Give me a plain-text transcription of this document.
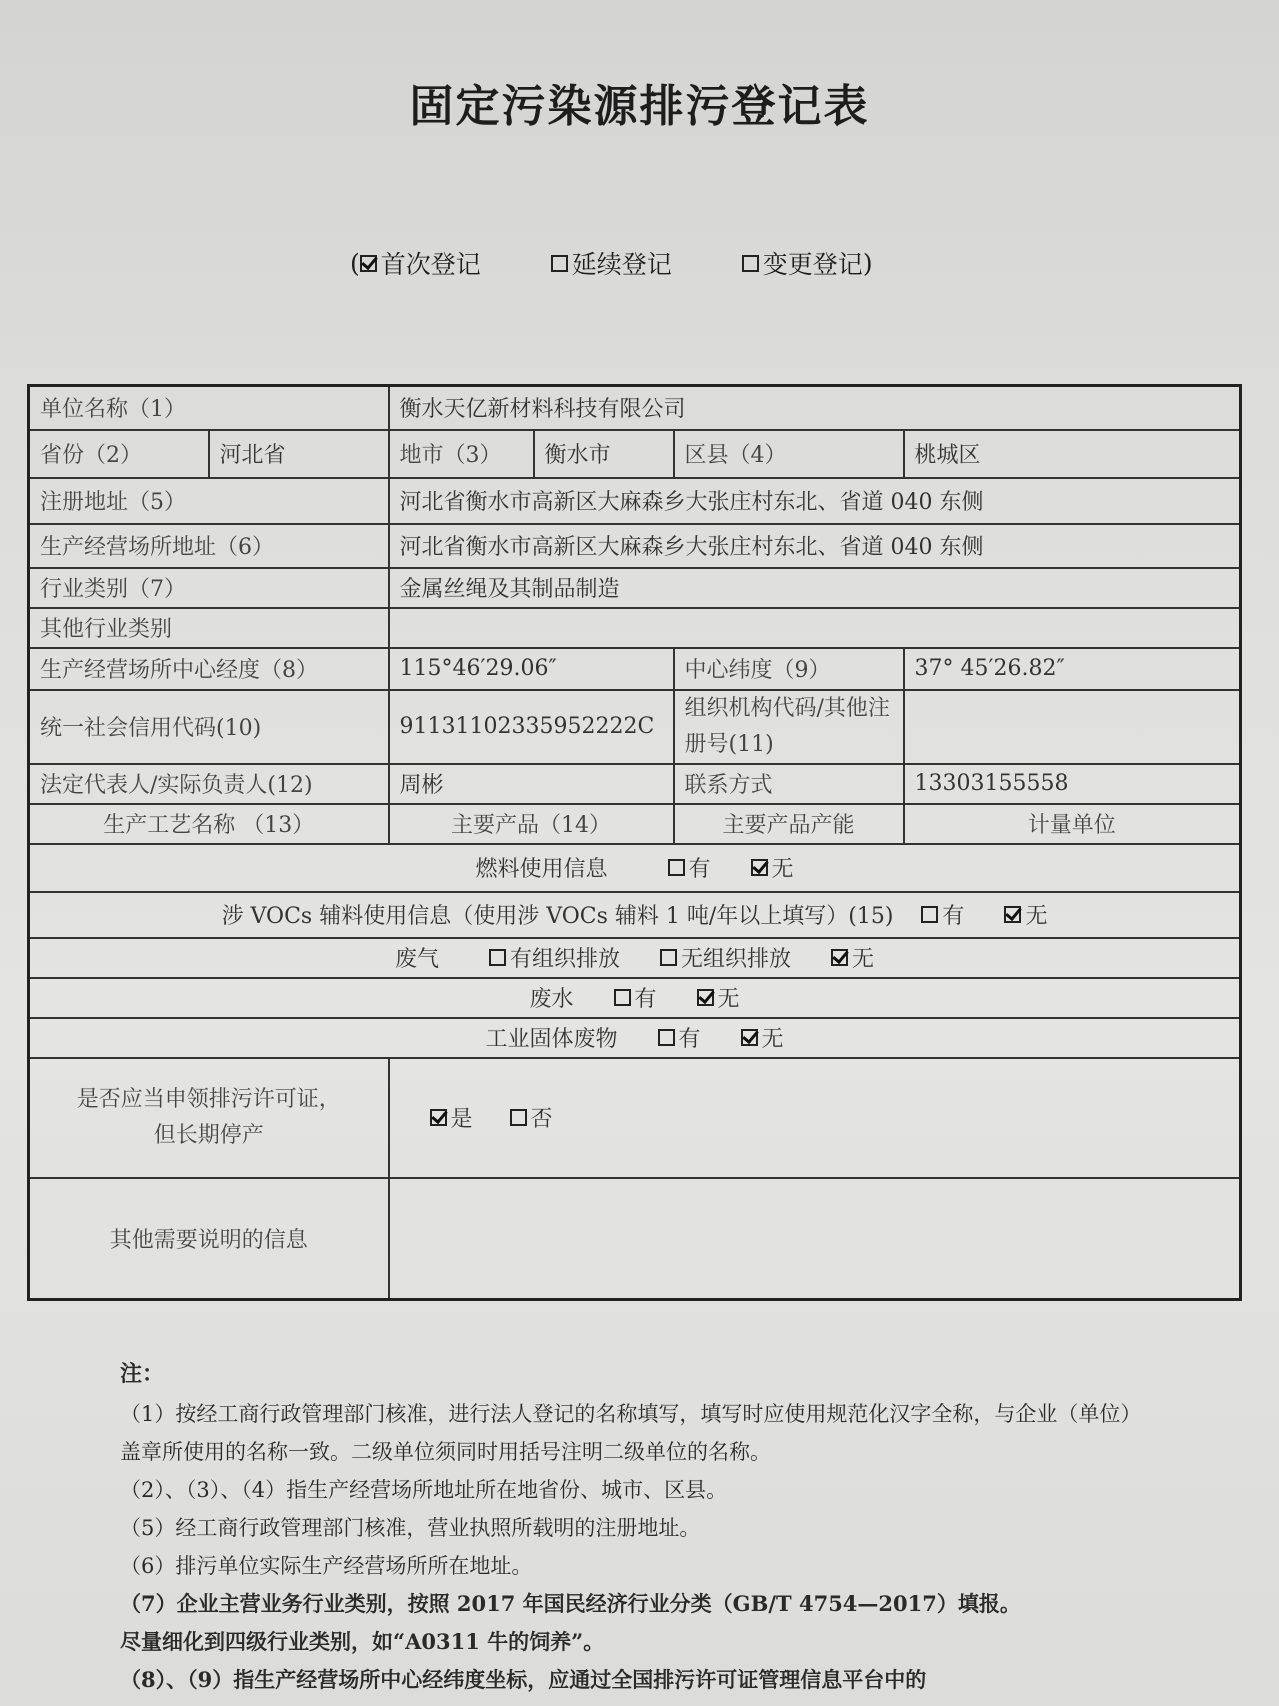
固定污染源排污登记表
( 首次登记	延续登记	变更登记 )
单位名称（1）		衡水天亿新材料科技有限公司			
省份（2）	河北省	地市（3）	衡水市	区县（4）	桃城区
注册地址（5）		河北省衡水市高新区大麻森乡大张庄村东北、省道 040 东侧			
生产经营场所地址（6）		河北省衡水市高新区大麻森乡大张庄村东北、省道 040 东侧			
行业类别（7）		金属丝绳及其制品制造			
其他行业类别					
生产经营场所中心经度（8）		115°46′29.06″		中心纬度（9）	37° 45′26.82″
统一社会信用代码(10)		91131102335952222C		组织机构代码/其他注册号(11)	
法定代表人/实际负责人(12)		周彬		联系方式	13303155558
生产工艺名称 （13）		主要产品（14）		主要产品产能	计量单位

燃料使用信息 有 无					

涉 VOCs 辅料使用信息（使用涉 VOCs 辅料 1 吨/年以上填写）(15) 有 无					

废气 有组织排放 无组织排放 无					

废水 有 无					

工业固体废物 有 无					

是否应当申领排污许可证，但长期停产		是
否			

其他需要说明的信息					

注：

（1）按经工商行政管理部门核准，进行法人登记的名称填写，填写时应使用规范化汉字全称，与企业（单位）盖章所使用的名称一致。二级单位须同时用括号注明二级单位的名称。

（2）、（3）、（4）指生产经营场所地址所在地省份、城市、区县。

（5）经工商行政管理部门核准，营业执照所载明的注册地址。

（6）排污单位实际生产经营场所所在地址。

（7）企业主营业务行业类别，按照 2017 年国民经济行业分类（GB/T 4754—2017）填报。

尽量细化到四级行业类别，如“A0311 牛的饲养”。

（8）、（9）指生产经营场所中心经纬度坐标，应通过全国排污许可证管理信息平台中的
